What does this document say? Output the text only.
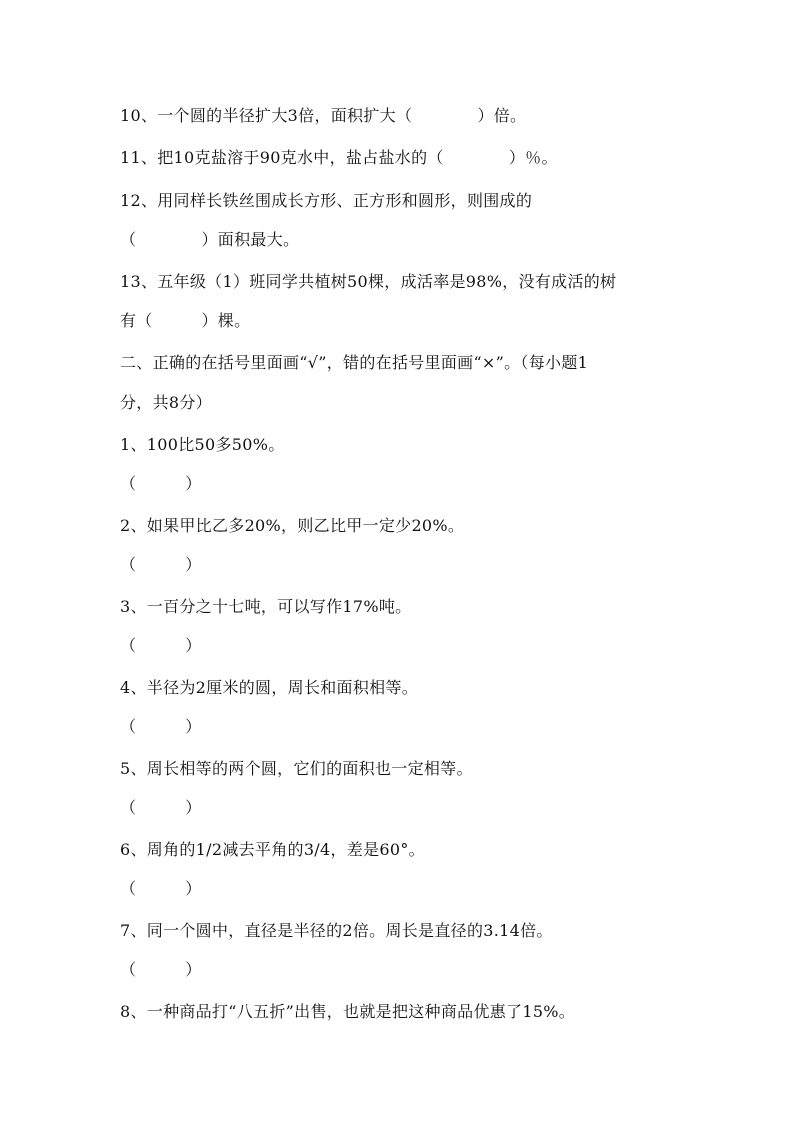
10、一个圆的半径扩大3倍，面积扩大（　　　　）倍。
11、把10克盐溶于90克水中，盐占盐水的（　　　　）％。
12、用同样长铁丝围成长方形、正方形和圆形，则围成的
（　　　　）面积最大。
13、五年级（1）班同学共植树50棵，成活率是98%，没有成活的树
有（　　　）棵。
二、正确的在括号里面画“√”，错的在括号里面画“×”。（每小题1
分，共8分）
1、100比50多50%。
（　　　）
2、如果甲比乙多20%，则乙比甲一定少20%。
（　　　）
3、一百分之十七吨，可以写作17%吨。
（　　　）
4、半径为2厘米的圆，周长和面积相等。
（　　　）
5、周长相等的两个圆，它们的面积也一定相等。
（　　　）
6、周角的1/2减去平角的3/4，差是60°。
（　　　）
7、同一个圆中，直径是半径的2倍。周长是直径的3.14倍。
（　　　）
8、一种商品打“八五折”出售，也就是把这种商品优惠了15%。
